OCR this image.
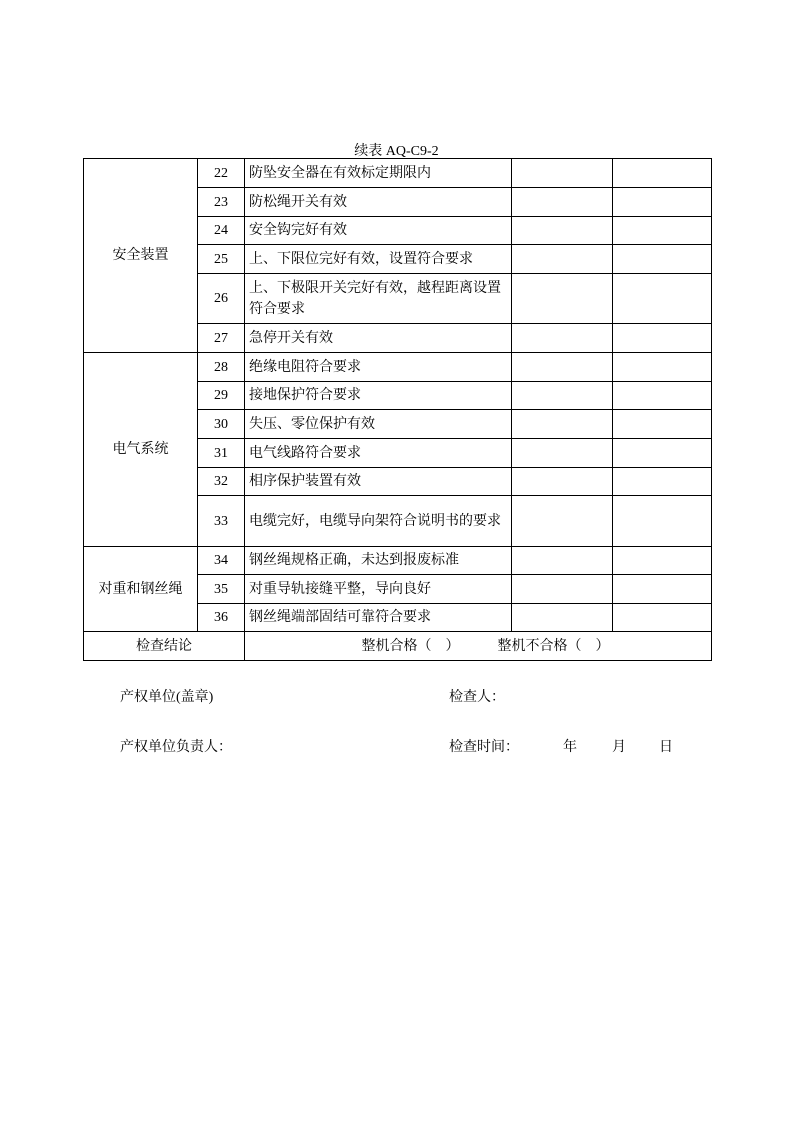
续表 AQ-C9-2
安全装置	22	防坠安全器在有效标定期限内		
	23	防松绳开关有效		
	24	安全钩完好有效		
	25	上、下限位完好有效，设置符合要求		
	26	上、下极限开关完好有效，越程距离设置符合要求		
	27	急停开关有效		
电气系统	28	绝缘电阻符合要求		
	29	接地保护符合要求		
	30	失压、零位保护有效		
	31	电气线路符合要求		
	32	相序保护装置有效		
	33	电缆完好，电缆导向架符合说明书的要求		
对重和钢丝绳	34	钢丝绳规格正确，未达到报废标准		
	35	对重导轨接缝平整，导向良好		
	36	钢丝绳端部固结可靠符合要求		
检查结论		整机合格（　） 整机不合格（　）		
产权单位(盖章)	检查人：
产权单位负责人：	检查时间：	年	月 日
